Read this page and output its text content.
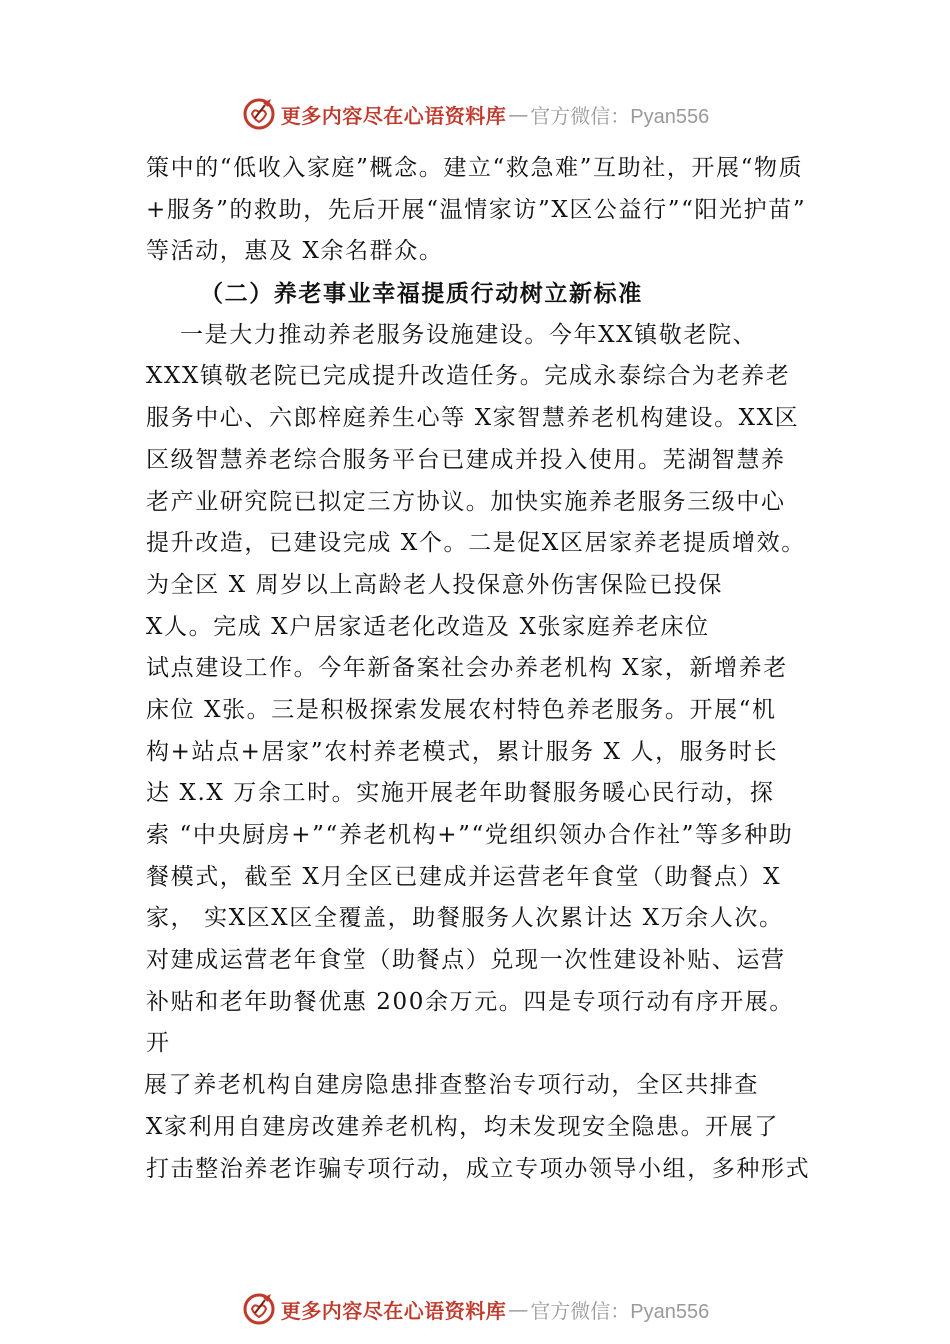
更多内容尽在心语资料库 — 官方微信：Pyan556
策中的“低收入家庭”概念。建立“救急难”互助社，开展“物质
+服务”的救助，先后开展“温情家访”X区公益行”“阳光护苗”
等活动，惠及 X余名群众。
（二）养老事业幸福提质行动树立新标准
一是大力推动养老服务设施建设。今年XX镇敬老院、
XXX镇敬老院已完成提升改造任务。完成永泰综合为老养老
服务中心、六郎梓庭养生心等 X家智慧养老机构建设。XX区
区级智慧养老综合服务平台已建成并投入使用。芜湖智慧养
老产业研究院已拟定三方协议。加快实施养老服务三级中心
提升改造，已建设完成 X个。二是促X区居家养老提质增效。
为全区 X 周岁以上高龄老人投保意外伤害保险已投保
X人。完成 X户居家适老化改造及 X张家庭养老床位
试点建设工作。今年新备案社会办养老机构 X家，新增养老
床位 X张。三是积极探索发展农村特色养老服务。开展“机
构+站点+居家”农村养老模式，累计服务 X 人，服务时长
达 X.X 万余工时。实施开展老年助餐服务暖心民行动，探
索 “中央厨房+”“养老机构+”“党组织领办合作社”等多种助
餐模式，截至 X月全区已建成并运营老年食堂（助餐点）X
家， 实X区X区全覆盖，助餐服务人次累计达 X万余人次。
对建成运营老年食堂（助餐点）兑现一次性建设补贴、运营
补贴和老年助餐优惠 200余万元。四是专项行动有序开展。
开
展了养老机构自建房隐患排查整治专项行动，全区共排查
X家利用自建房改建养老机构，均未发现安全隐患。开展了
打击整治养老诈骗专项行动，成立专项办领导小组，多种形式
更多内容尽在心语资料库 — 官方微信：Pyan556
